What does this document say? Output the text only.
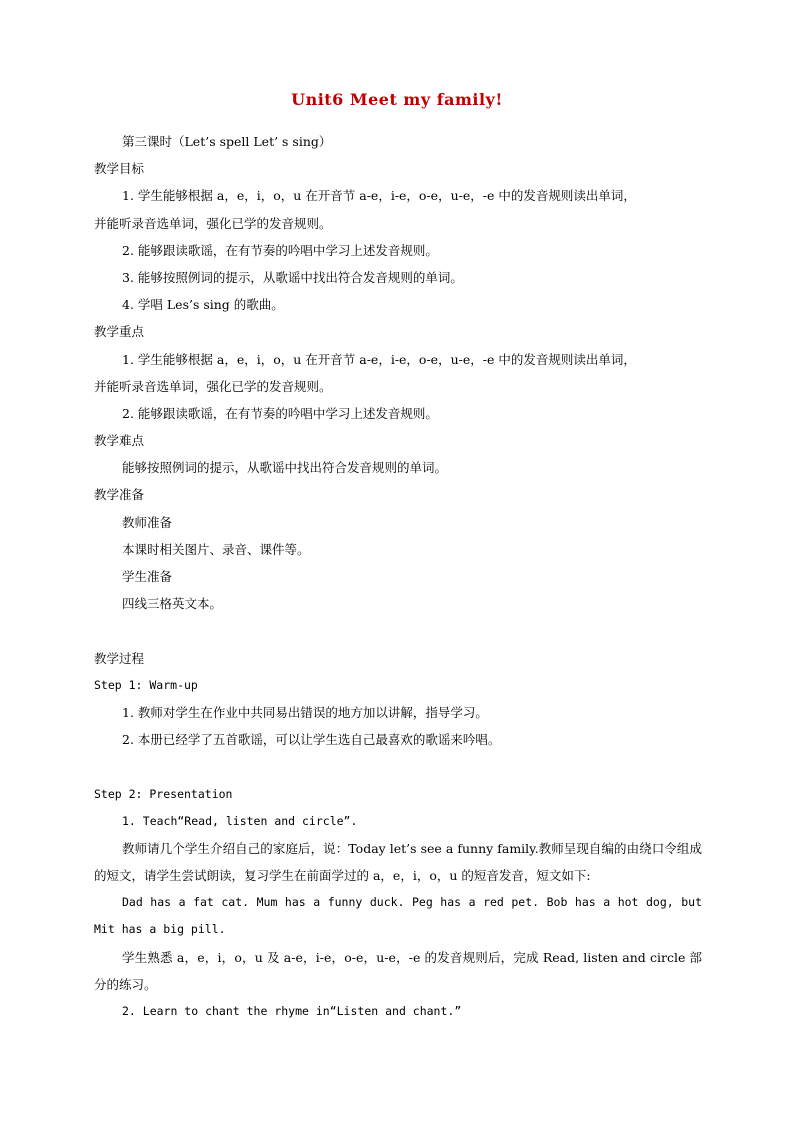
Unit6 Meet my family!
第三课时（Let’s spell Let’ s sing）
教学目标
1. 学生能够根据 a，e，i，o，u 在开音节 a-e，i-e，o-e，u-e，-e 中的发音规则读出单词，
并能听录音选单词，强化已学的发音规则。
2. 能够跟读歌谣，在有节奏的吟唱中学习上述发音规则。
3. 能够按照例词的提示，从歌谣中找出符合发音规则的单词。
4. 学唱 Les’s sing 的歌曲。
教学重点
1. 学生能够根据 a，e，i，o，u 在开音节 a-e，i-e，o-e，u-e，-e 中的发音规则读出单词，
并能听录音选单词，强化已学的发音规则。
2. 能够跟读歌谣，在有节奏的吟唱中学习上述发音规则。
教学难点
能够按照例词的提示，从歌谣中找出符合发音规则的单词。
教学准备
教师准备
本课时相关图片、录音、课件等。
学生准备
四线三格英文本。
教学过程
Step 1: Warm-up
1. 教师对学生在作业中共同易出错误的地方加以讲解，指导学习。
2. 本册已经学了五首歌谣，可以让学生选自己最喜欢的歌谣来吟唱。
Step 2: Presentation
1. Teach“Read, listen and circle”.
教师请几个学生介绍自己的家庭后，说：Today let’s see a funny family.教师呈现自编的由绕口令组成的短文，请学生尝试朗读，复习学生在前面学过的 a，e，i，o，u 的短音发音，短文如下:
Dad has a fat cat. Mum has a funny duck. Peg has a red pet. Bob has a hot dog, but Mit has a big pill.
学生熟悉 a，e，i，o，u 及 a-e，i-e，o-e，u-e，-e 的发音规则后，完成 Read, listen and circle 部分的练习。
2. Learn to chant the rhyme in“Listen and chant.”
